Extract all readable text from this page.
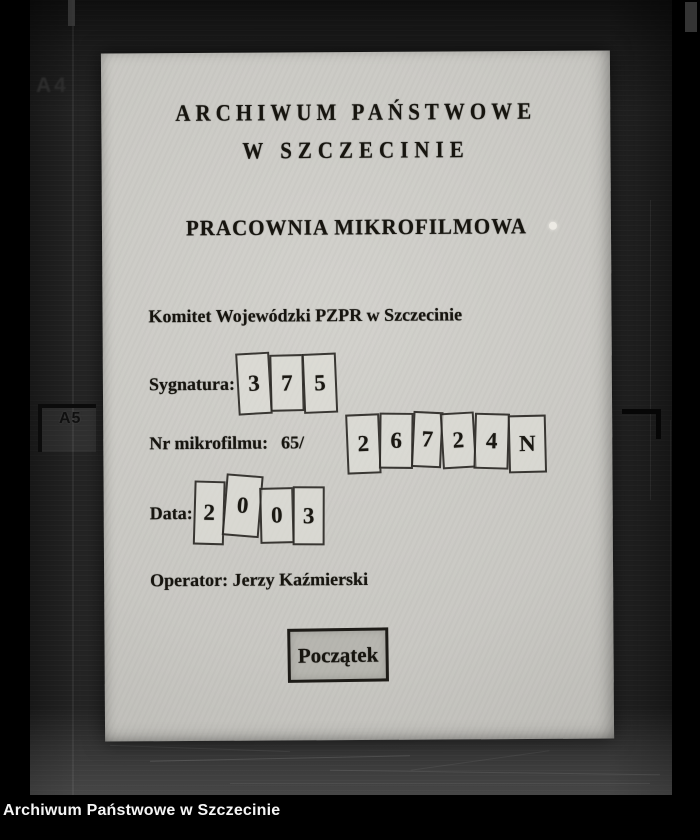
ARCHIWUM PAŃSTWOWE
W SZCZECINIE
PRACOWNIA MIKROFILMOWA
Komitet Wojewódzki PZPR w Szczecinie
Sygnatura: 3 7 5
Nr mikrofilmu: 65/	2 6 7 2 4 N
Data: 2 0 0 3
Operator: Jerzy Kaźmierski
Początek
A4
A5
Archiwum Państwowe w Szczecinie
